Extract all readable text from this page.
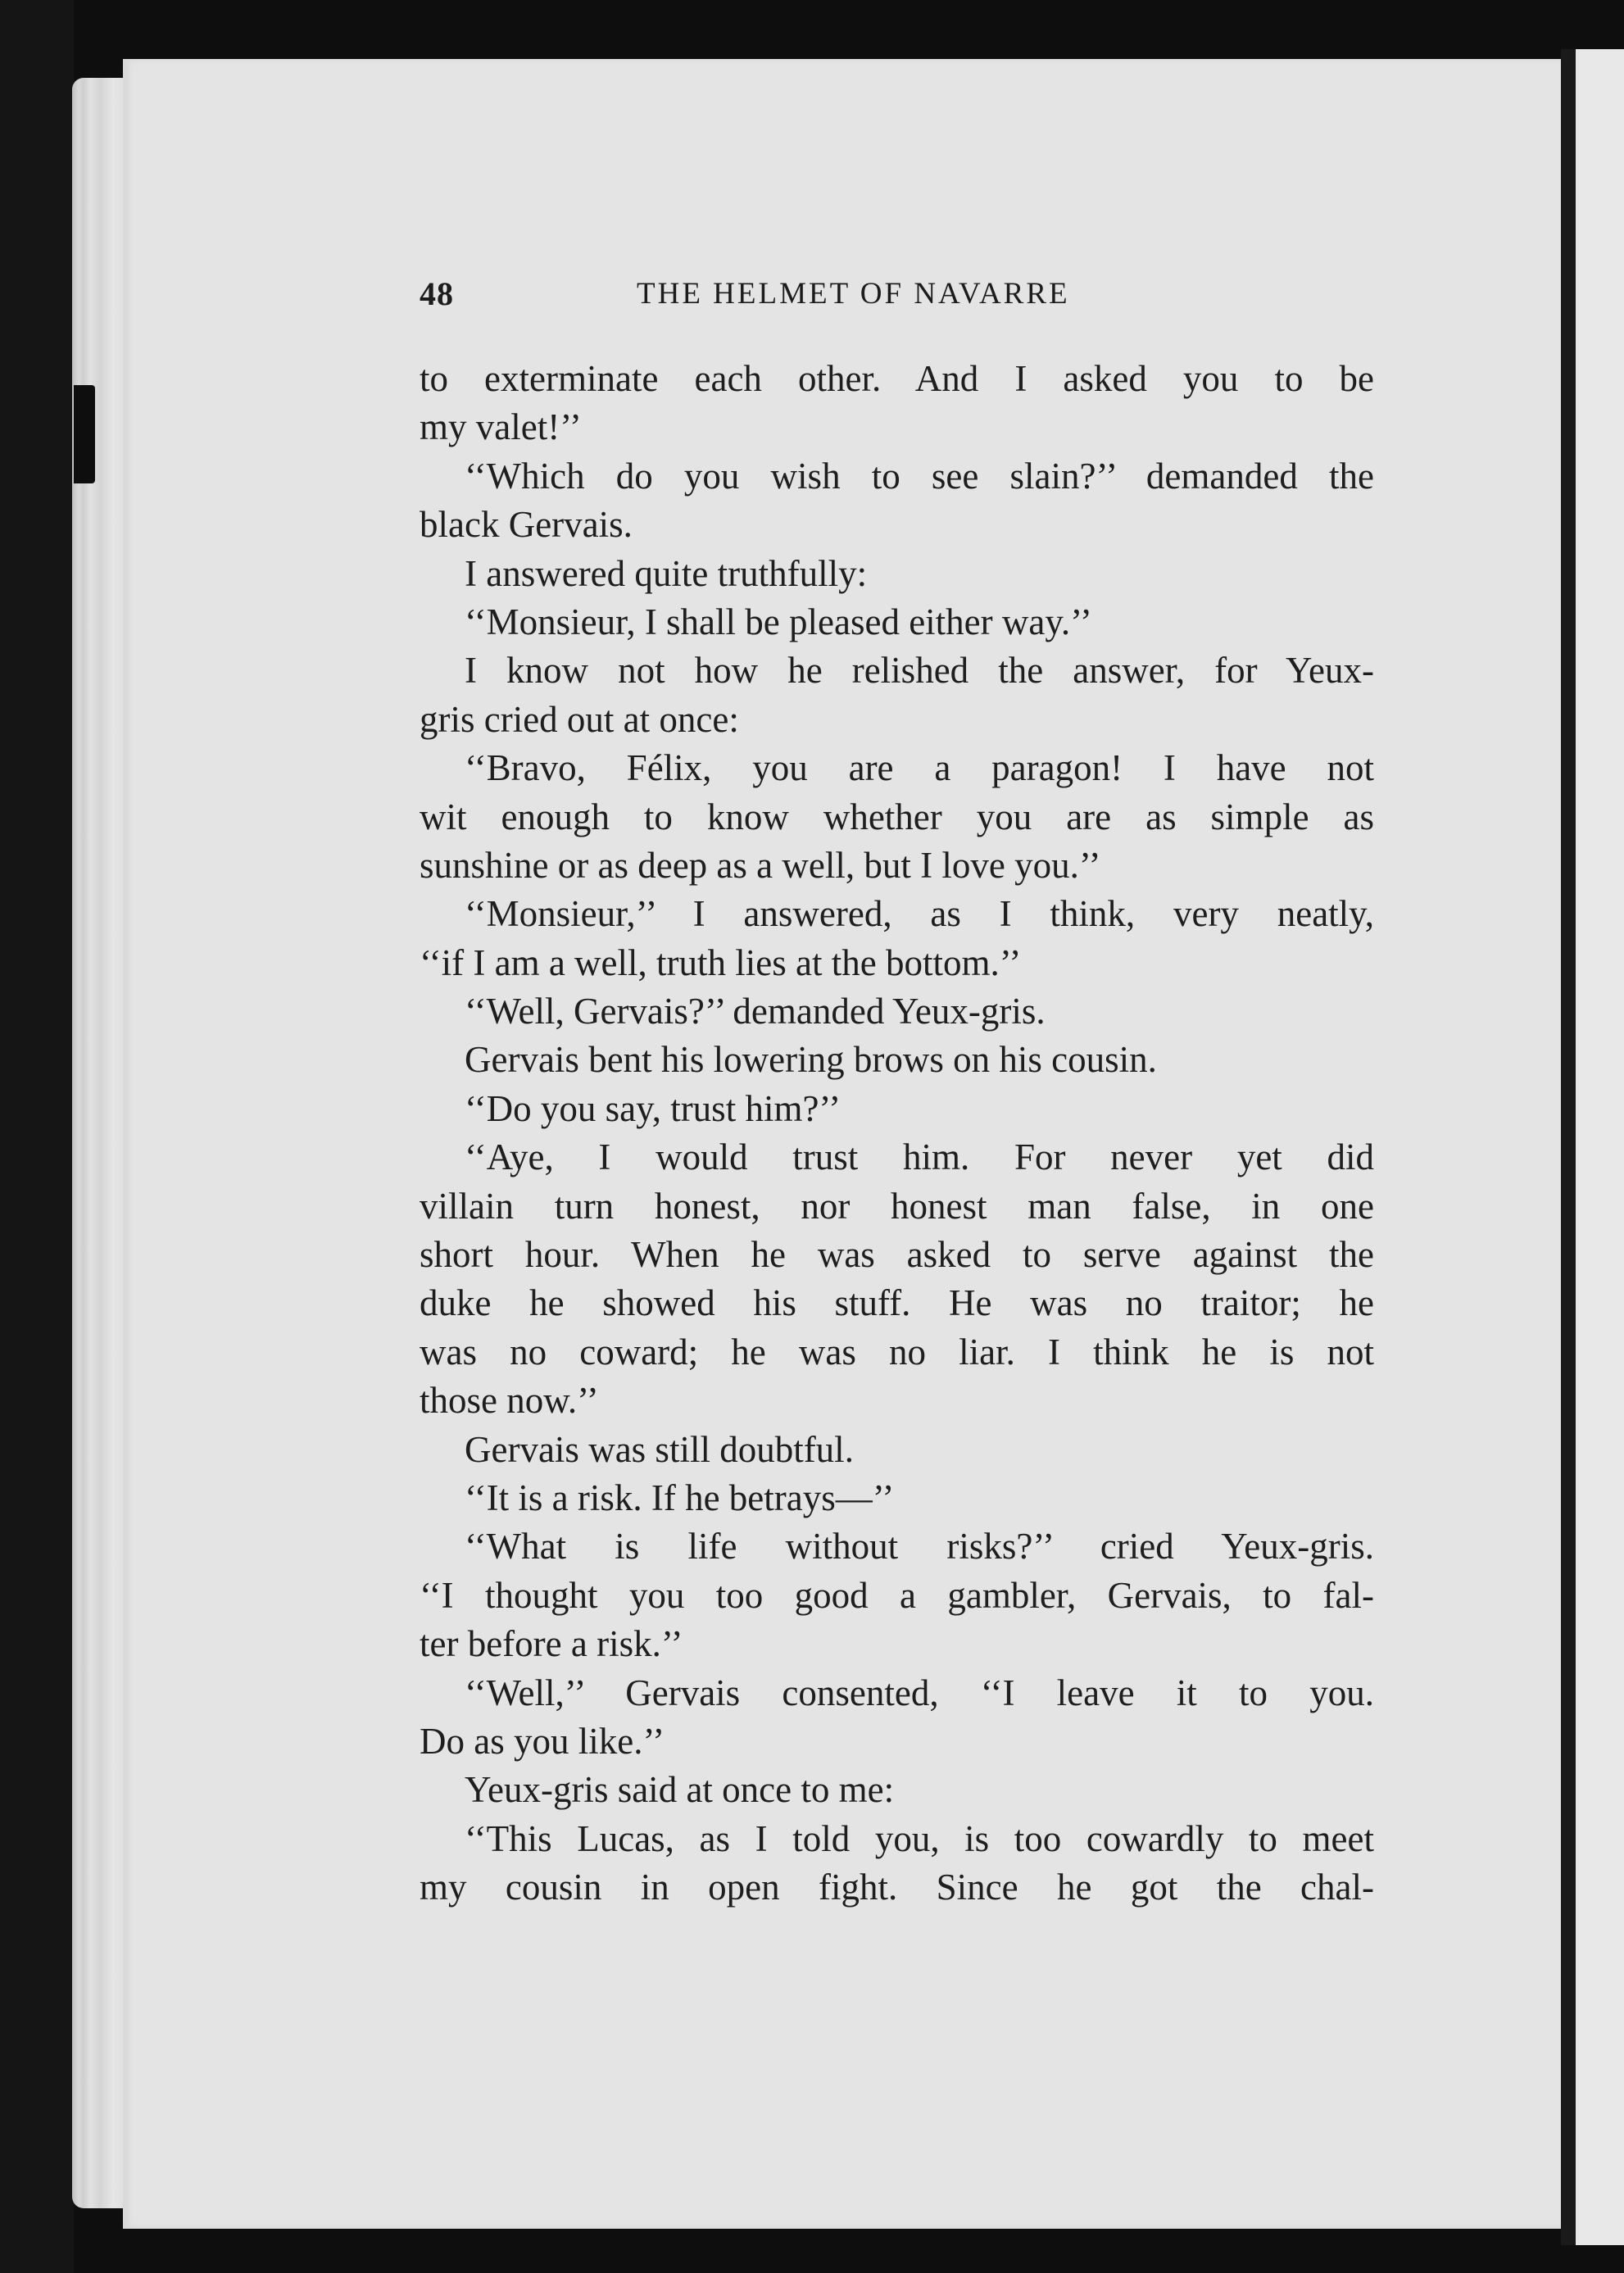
48	THE HELMET OF NAVARRE
to exterminate each other. And I asked you to be
my valet!’’
‘‘Which do you wish to see slain?’’ demanded the
black Gervais.
I answered quite truthfully:
‘‘Monsieur, I shall be pleased either way.’’
I know not how he relished the answer, for Yeux-
gris cried out at once:
‘‘Bravo, Félix, you are a paragon! I have not
wit enough to know whether you are as simple as
sunshine or as deep as a well, but I love you.’’
‘‘Monsieur,’’ I answered, as I think, very neatly,
‘‘if I am a well, truth lies at the bottom.’’
‘‘Well, Gervais?’’ demanded Yeux-gris.
Gervais bent his lowering brows on his cousin.
‘‘Do you say, trust him?’’
‘‘Aye, I would trust him. For never yet did
villain turn honest, nor honest man false, in one
short hour. When he was asked to serve against the
duke he showed his stuff. He was no traitor; he
was no coward; he was no liar. I think he is not
those now.’’
Gervais was still doubtful.
‘‘It is a risk. If he betrays—’’
‘‘What is life without risks?’’ cried Yeux-gris.
‘‘I thought you too good a gambler, Gervais, to fal-
ter before a risk.’’
‘‘Well,’’ Gervais consented, ‘‘I leave it to you.
Do as you like.’’
Yeux-gris said at once to me:
‘‘This Lucas, as I told you, is too cowardly to meet
my cousin in open fight. Since he got the chal-
